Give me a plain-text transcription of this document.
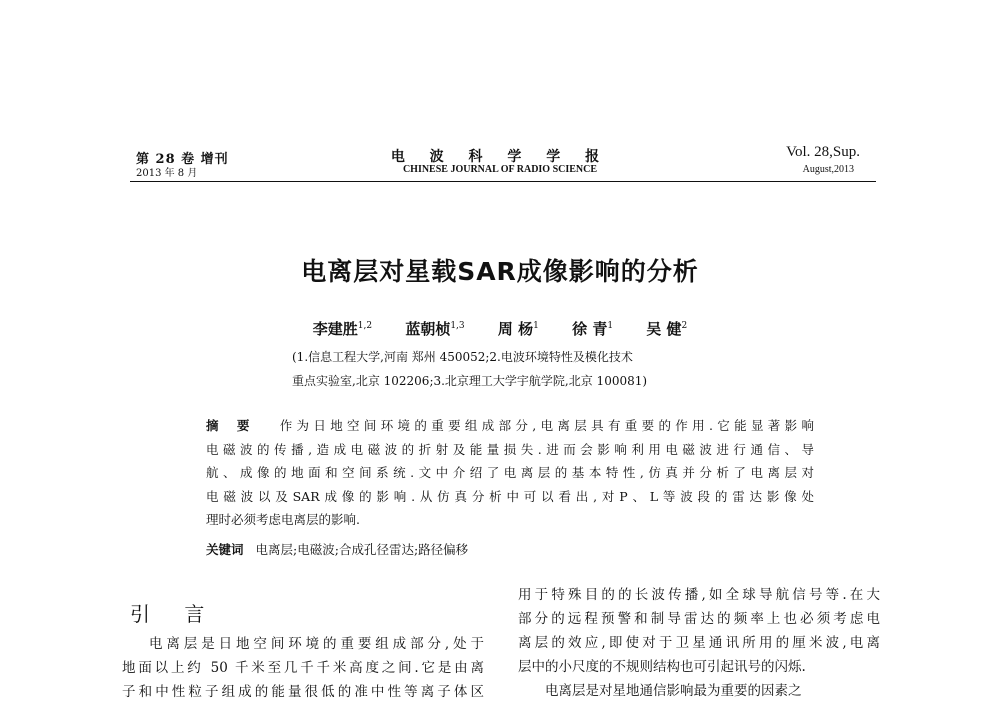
第 28 卷 增刊
2013 年 8 月
电 波 科 学 学 报
CHINESE JOURNAL OF RADIO SCIENCE
Vol. 28,Sup.
August,2013
电离层对星载SAR成像影响的分析
李建胜$^{1,2}$ 蓝朝桢$^{1,3}$ 周 杨$^1$ 徐 青$^1$ 吴 健$^2$
(1.信息工程大学,河南 郑州 450052;2.电波环境特性及模化技术
重点实验室,北京 102206;3.北京理工大学宇航学院,北京 100081)

摘要 作为日地空间环境的重要组成部分,电离层具有重要的作用.它能显著影响

电磁波的传播,造成电磁波的折射及能量损失.进而会影响利用电磁波进行通信、导

航、成像的地面和空间系统.文中介绍了电离层的基本特性,仿真并分析了电离层对

电磁波以及SAR成像的影响.从仿真分析中可以看出,对P、L等波段的雷达影像处

理时必须考虑电离层的影响.

关键词 电离层;电磁波;合成孔径雷达;路径偏移
引 言

电离层是日地空间环境的重要组成部分,处于

地面以上约 50 千米至几千千米高度之间.它是由离

子和中性粒子组成的能量很低的准中性等离子体区

用于特殊目的的长波传播,如全球导航信号等.在大

部分的远程预警和制导雷达的频率上也必须考虑电

离层的效应,即使对于卫星通讯所用的厘米波,电离

层中的小尺度的不规则结构也可引起讯号的闪烁.

电离层是对星地通信影响最为重要的因素之
